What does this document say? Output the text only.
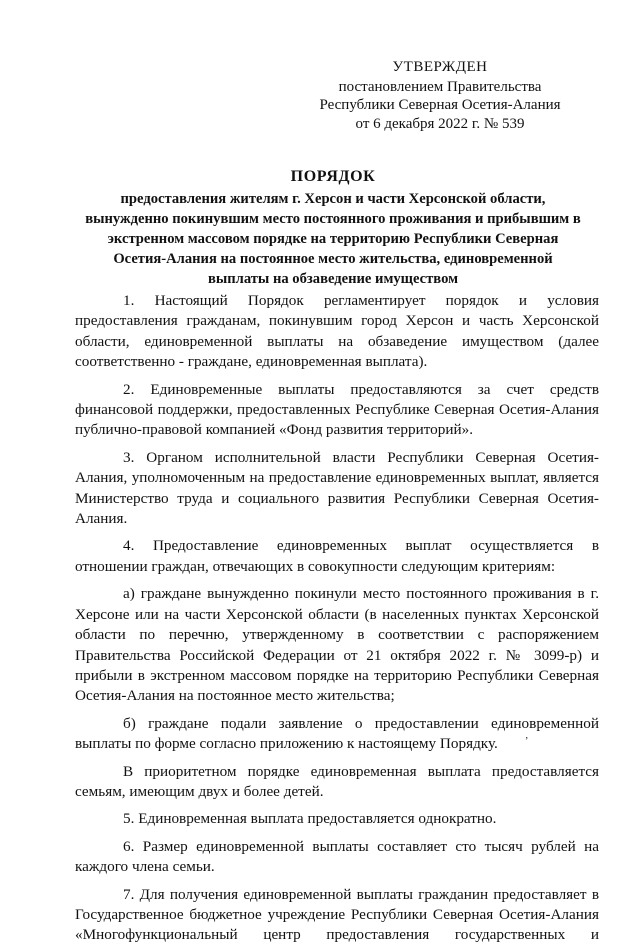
УТВЕРЖДЕН
постановлением Правительства
Республики Северная Осетия-Алания
от 6 декабря 2022 г. № 539
ПОРЯДОК
предоставления жителям г. Херсон и части Херсонской области,
вынужденно покинувшим место постоянного проживания и прибывшим в
экстренном массовом порядке на территорию Республики Северная
Осетия-Алания на постоянное место жительства, единовременной
выплаты на обзаведение имуществом

1. Настоящий Порядок регламентирует порядок и условия предоставления гражданам, покинувшим город Херсон и часть Херсонской области, единовременной выплаты на обзаведение имуществом (далее соответственно - граждане, единовременная выплата).

2. Единовременные выплаты предоставляются за счет средств финансовой поддержки, предоставленных Республике Северная Осетия-Алания публично-правовой компанией «Фонд развития территорий».

3. Органом исполнительной власти Республики Северная Осетия-Алания, уполномоченным на предоставление единовременных выплат, является Министерство труда и социального развития Республики Северная Осетия-Алания.

4. Предоставление единовременных выплат осуществляется в отношении граждан, отвечающих в совокупности следующим критериям:

а) граждане вынужденно покинули место постоянного проживания в г. Херсоне или на части Херсонской области (в населенных пунктах Херсонской области по перечню, утвержденному в соответствии с распоряжением Правительства Российской Федерации от 21 октября 2022 г. № 3099-р) и прибыли в экстренном массовом порядке на территорию Республики Северная Осетия-Алания на постоянное место жительства;

б) граждане подали заявление о предоставлении единовременной выплаты по форме согласно приложению к настоящему Порядку.

В приоритетном порядке единовременная выплата предоставляется семьям, имеющим двух и более детей.

5. Единовременная выплата предоставляется однократно.

6. Размер единовременной выплаты составляет сто тысяч рублей на каждого члена семьи.

7. Для получения единовременной выплаты гражданин предоставляет в Государственное бюджетное учреждение Республики Северная Осетия-Алания «Многофункциональный центр предоставления государственных и

‚
